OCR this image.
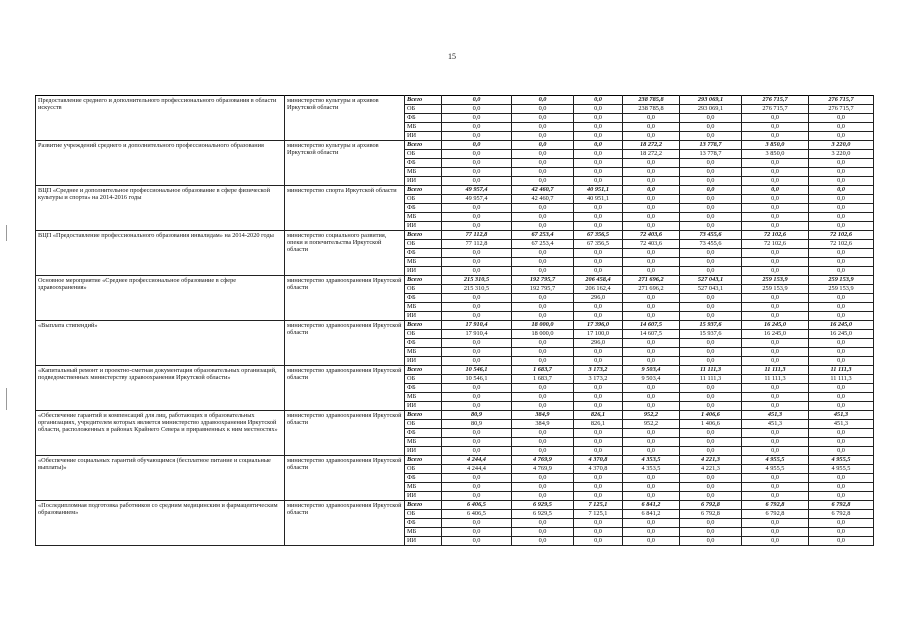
15
Предоставление среднего и дополнительного профессионального образования в области искусств	министерство культуры и архивов Иркутской области	Всего	0,0	0,0	0,0	238 785,8	293 069,1	276 715,7	276 715,7
		ОБ	0,0	0,0	0,0	238 785,8	293 069,1	276 715,7	276 715,7
		ФБ	0,0	0,0	0,0	0,0	0,0	0,0	0,0
		МБ	0,0	0,0	0,0	0,0	0,0	0,0	0,0
		ИИ	0,0	0,0	0,0	0,0	0,0	0,0	0,0
Развитие учреждений среднего и дополнительного профессионального образования	министерство культуры и архивов Иркутской области	Всего	0,0	0,0	0,0	18 272,2	13 778,7	3 850,0	3 220,0
		ОБ	0,0	0,0	0,0	18 272,2	13 778,7	3 850,0	3 220,0
		ФБ	0,0	0,0	0,0	0,0	0,0	0,0	0,0
		МБ	0,0	0,0	0,0	0,0	0,0	0,0	0,0
		ИИ	0,0	0,0	0,0	0,0	0,0	0,0	0,0
ВЦП «Среднее и дополнительное профессиональное образование в сфере физической культуры и спорта» на 2014-2016 годы	министерство спорта Иркутской области	Всего	49 957,4	42 460,7	40 951,1	0,0	0,0	0,0	0,0
		ОБ	49 957,4	42 460,7	40 951,1	0,0	0,0	0,0	0,0
		ФБ	0,0	0,0	0,0	0,0	0,0	0,0	0,0
		МБ	0,0	0,0	0,0	0,0	0,0	0,0	0,0
		ИИ	0,0	0,0	0,0	0,0	0,0	0,0	0,0
ВЦП «Предоставление профессионального образования инвалидам» на 2014-2020 годы	министерство социального развития, опеки и попечительства Иркутской области	Всего	77 112,8	67 253,4	67 356,5	72 403,6	73 455,6	72 102,6	72 102,6
		ОБ	77 112,8	67 253,4	67 356,5	72 403,6	73 455,6	72 102,6	72 102,6
		ФБ	0,0	0,0	0,0	0,0	0,0	0,0	0,0
		МБ	0,0	0,0	0,0	0,0	0,0	0,0	0,0
		ИИ	0,0	0,0	0,0	0,0	0,0	0,0	0,0
Основное мероприятие «Среднее профессиональное образование в сфере здравоохранения»	министерство здравоохранения Иркутской области	Всего	215 310,5	192 795,7	206 458,4	271 696,2	527 043,1	259 153,9	259 153,9
		ОБ	215 310,5	192 795,7	206 162,4	271 696,2	527 043,1	259 153,9	259 153,9
		ФБ	0,0	0,0	296,0	0,0	0,0	0,0	0,0
		МБ	0,0	0,0	0,0	0,0	0,0	0,0	0,0
		ИИ	0,0	0,0	0,0	0,0	0,0	0,0	0,0
«Выплата стипендий»	министерство здравоохранения Иркутской области	Всего	17 910,4	18 000,0	17 396,0	14 607,5	15 937,6	16 245,0	16 245,0
		ОБ	17 910,4	18 000,0	17 100,0	14 607,5	15 937,6	16 245,0	16 245,0
		ФБ	0,0	0,0	296,0	0,0	0,0	0,0	0,0
		МБ	0,0	0,0	0,0	0,0	0,0	0,0	0,0
		ИИ	0,0	0,0	0,0	0,0	0,0	0,0	0,0
«Капитальный ремонт и проектно-сметная документация образовательных организаций, подведомственных министерству здравоохранения Иркутской области»	министерство здравоохранения Иркутской области	Всего	10 546,1	1 683,7	3 173,2	9 503,4	11 111,3	11 111,3	11 111,3
		ОБ	10 546,1	1 683,7	3 173,2	9 503,4	11 111,3	11 111,3	11 111,3
		ФБ	0,0	0,0	0,0	0,0	0,0	0,0	0,0
		МБ	0,0	0,0	0,0	0,0	0,0	0,0	0,0
		ИИ	0,0	0,0	0,0	0,0	0,0	0,0	0,0
«Обеспечение гарантий и компенсаций для лиц, работающих в образовательных организациях, учредителем которых является министерство здравоохранения Иркутской области, расположенных в районах Крайнего Севера и приравненных к ним местностях»	министерство здравоохранения Иркутской области	Всего	80,9	384,9	826,1	952,2	1 406,6	451,3	451,3
		ОБ	80,9	384,9	826,1	952,2	1 406,6	451,3	451,3
		ФБ	0,0	0,0	0,0	0,0	0,0	0,0	0,0
		МБ	0,0	0,0	0,0	0,0	0,0	0,0	0,0
		ИИ	0,0	0,0	0,0	0,0	0,0	0,0	0,0
«Обеспечение социальных гарантий обучающимся (бесплатное питание и социальные выплаты)»	министерство здравоохранения Иркутской области	Всего	4 244,4	4 769,9	4 370,8	4 353,5	4 221,3	4 955,5	4 955,5
		ОБ	4 244,4	4 769,9	4 370,8	4 353,5	4 221,3	4 955,5	4 955,5
		ФБ	0,0	0,0	0,0	0,0	0,0	0,0	0,0
		МБ	0,0	0,0	0,0	0,0	0,0	0,0	0,0
		ИИ	0,0	0,0	0,0	0,0	0,0	0,0	0,0
«Последипломная подготовка работников со средним медицинским и фармацевтическим образованием»	министерство здравоохранения Иркутской области	Всего	6 406,5	6 929,5	7 125,1	6 841,2	6 792,8	6 792,8	6 792,8
		ОБ	6 406,5	6 929,5	7 125,1	6 841,2	6 792,8	6 792,8	6 792,8
		ФБ	0,0	0,0	0,0	0,0	0,0	0,0	0,0
		МБ	0,0	0,0	0,0	0,0	0,0	0,0	0,0
		ИИ	0,0	0,0	0,0	0,0	0,0	0,0	0,0
